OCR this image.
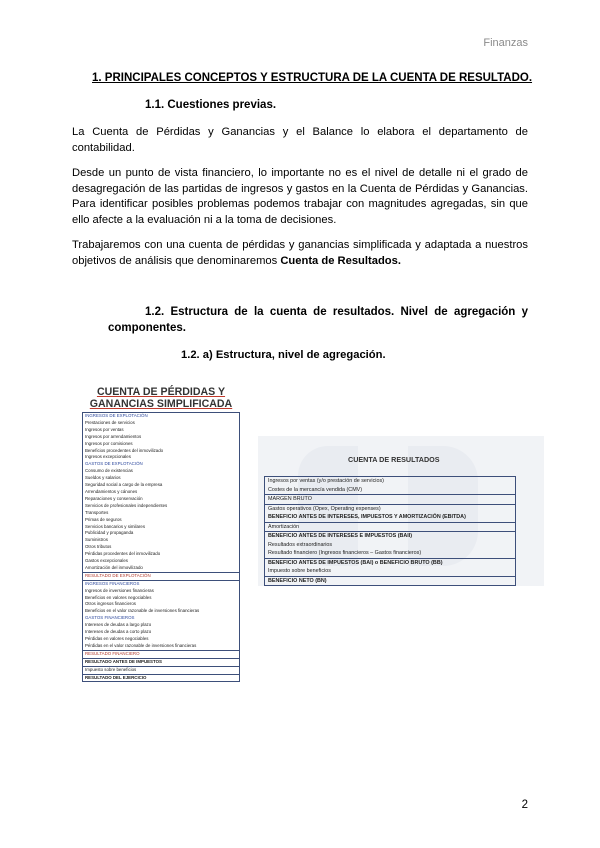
Finanzas
1. PRINCIPALES CONCEPTOS Y ESTRUCTURA DE LA CUENTA DE RESULTADO.
1.1. Cuestiones previas.
La Cuenta de Pérdidas y Ganancias y el Balance lo elabora el departamento de contabilidad.
Desde un punto de vista financiero, lo importante no es el nivel de detalle ni el grado de desagregación de las partidas de ingresos y gastos en la Cuenta de Pérdidas y Ganancias. Para identificar posibles problemas podemos trabajar con magnitudes agregadas, sin que ello afecte a la evaluación ni a la toma de decisiones.
Trabajaremos con una cuenta de pérdidas y ganancias simplificada y adaptada a nuestros objetivos de análisis que denominaremos Cuenta de Resultados.
1.2. Estructura de la cuenta de resultados. Nivel de agregación y componentes.
1.2. a) Estructura, nivel de agregación.
CUENTA DE PÉRDIDAS Y
GANANCIAS SIMPLIFICADA
INGRESOS DE EXPLOTACIÓN
Prestaciones de servicios
Ingresos por ventas
Ingresos por arrendamientos
Ingresos por comisiones
Beneficios procedentes del inmovilizado
Ingresos excepcionales
GASTOS DE EXPLOTACIÓN
Consumo de existencias
Sueldos y salarios
Seguridad social a cargo de la empresa
Arrendamientos y cánones
Reparaciones y conservación
Servicios de profesionales independientes
Transportes
Primas de seguros
Servicios bancarios y similares
Publicidad y propaganda
Suministros
Otros tributos
Pérdidas procedentes del inmovilizado
Gastos excepcionales
Amortización del inmovilizado
RESULTADO DE EXPLOTACIÓN
INGRESOS FINANCIEROS
Ingresos de inversiones financieras
Beneficios en valores negociables
Otros ingresos financieros
Beneficios en el valor razonable de inversiones financieras
GASTOS FINANCIEROS
Intereses de deudas a largo plazo
Intereses de deudas a corto plazo
Pérdidas en valores negociables
Pérdidas en el valor razonable de inversiones financieras
RESULTADO FINANCIERO
RESULTADO ANTES DE IMPUESTOS
Impuesto sobre beneficios
RESULTADO DEL EJERCICIO
CUENTA DE RESULTADOS
Ingresos por ventas (y/o prestación de servicios)
Costes de la mercancía vendida (CMV)
MARGEN BRUTO
Gastos operativos (Opex, Operating expenses)
BENEFICIO ANTES DE INTERESES, IMPUESTOS Y AMORTIZACIÓN (EBITDA)
Amortización
BENEFICIO ANTES DE INTERESES E IMPUESTOS (BAII)
Resultados extraordinarios
Resultado financiero (Ingresos financieros – Gastos financieros)
BENEFICIO ANTES DE IMPUESTOS (BAI) o BENEFICIO BRUTO (BB)
Impuesto sobre beneficios
BENEFICIO NETO (BN)
2
